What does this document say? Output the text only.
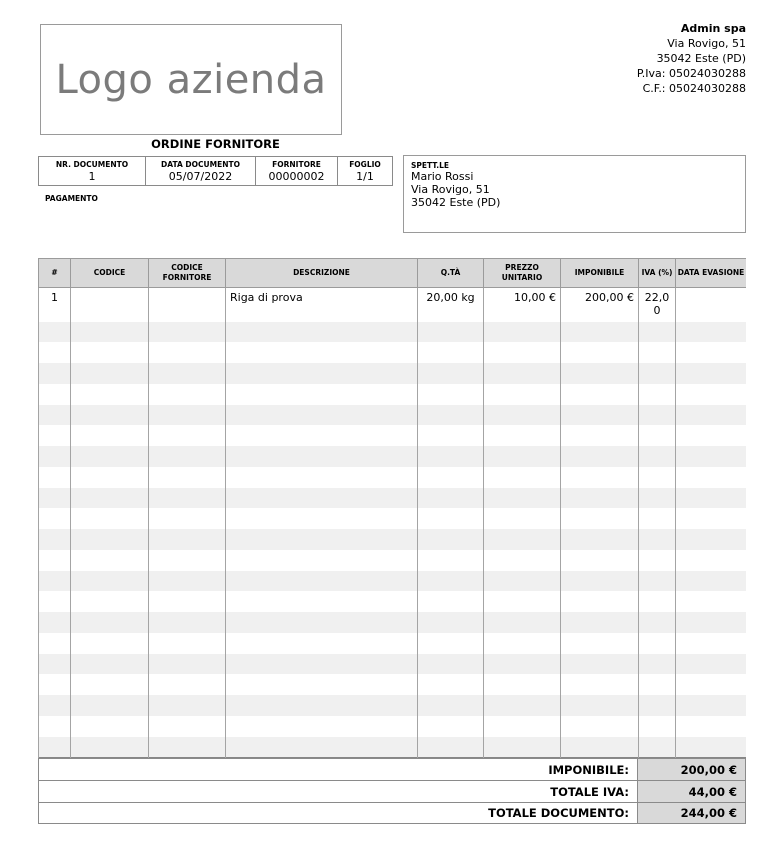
Logo azienda
Admin spa
Via Rovigo, 51
35042 Este (PD)
P.Iva: 05024030288
C.F.: 05024030288
ORDINE FORNITORE
NR. DOCUMENTO
1
DATA DOCUMENTO
05/07/2022
FORNITORE
00000002
FOGLIO
1/1
PAGAMENTO
SPETT.LE
Mario Rossi
Via Rovigo, 51
35042 Este (PD)
#	CODICE	CODICE FORNITORE	DESCRIZIONE	Q.TÀ	PREZZO UNITARIO	IMPONIBILE	IVA (%)	DATA EVASIONE
1			Riga di prova	20,00 kg	10,00 €	200,00 €	22,00	

IMPONIBILE:	200,00 €
TOTALE IVA:	44,00 €
TOTALE DOCUMENTO:	244,00 €
